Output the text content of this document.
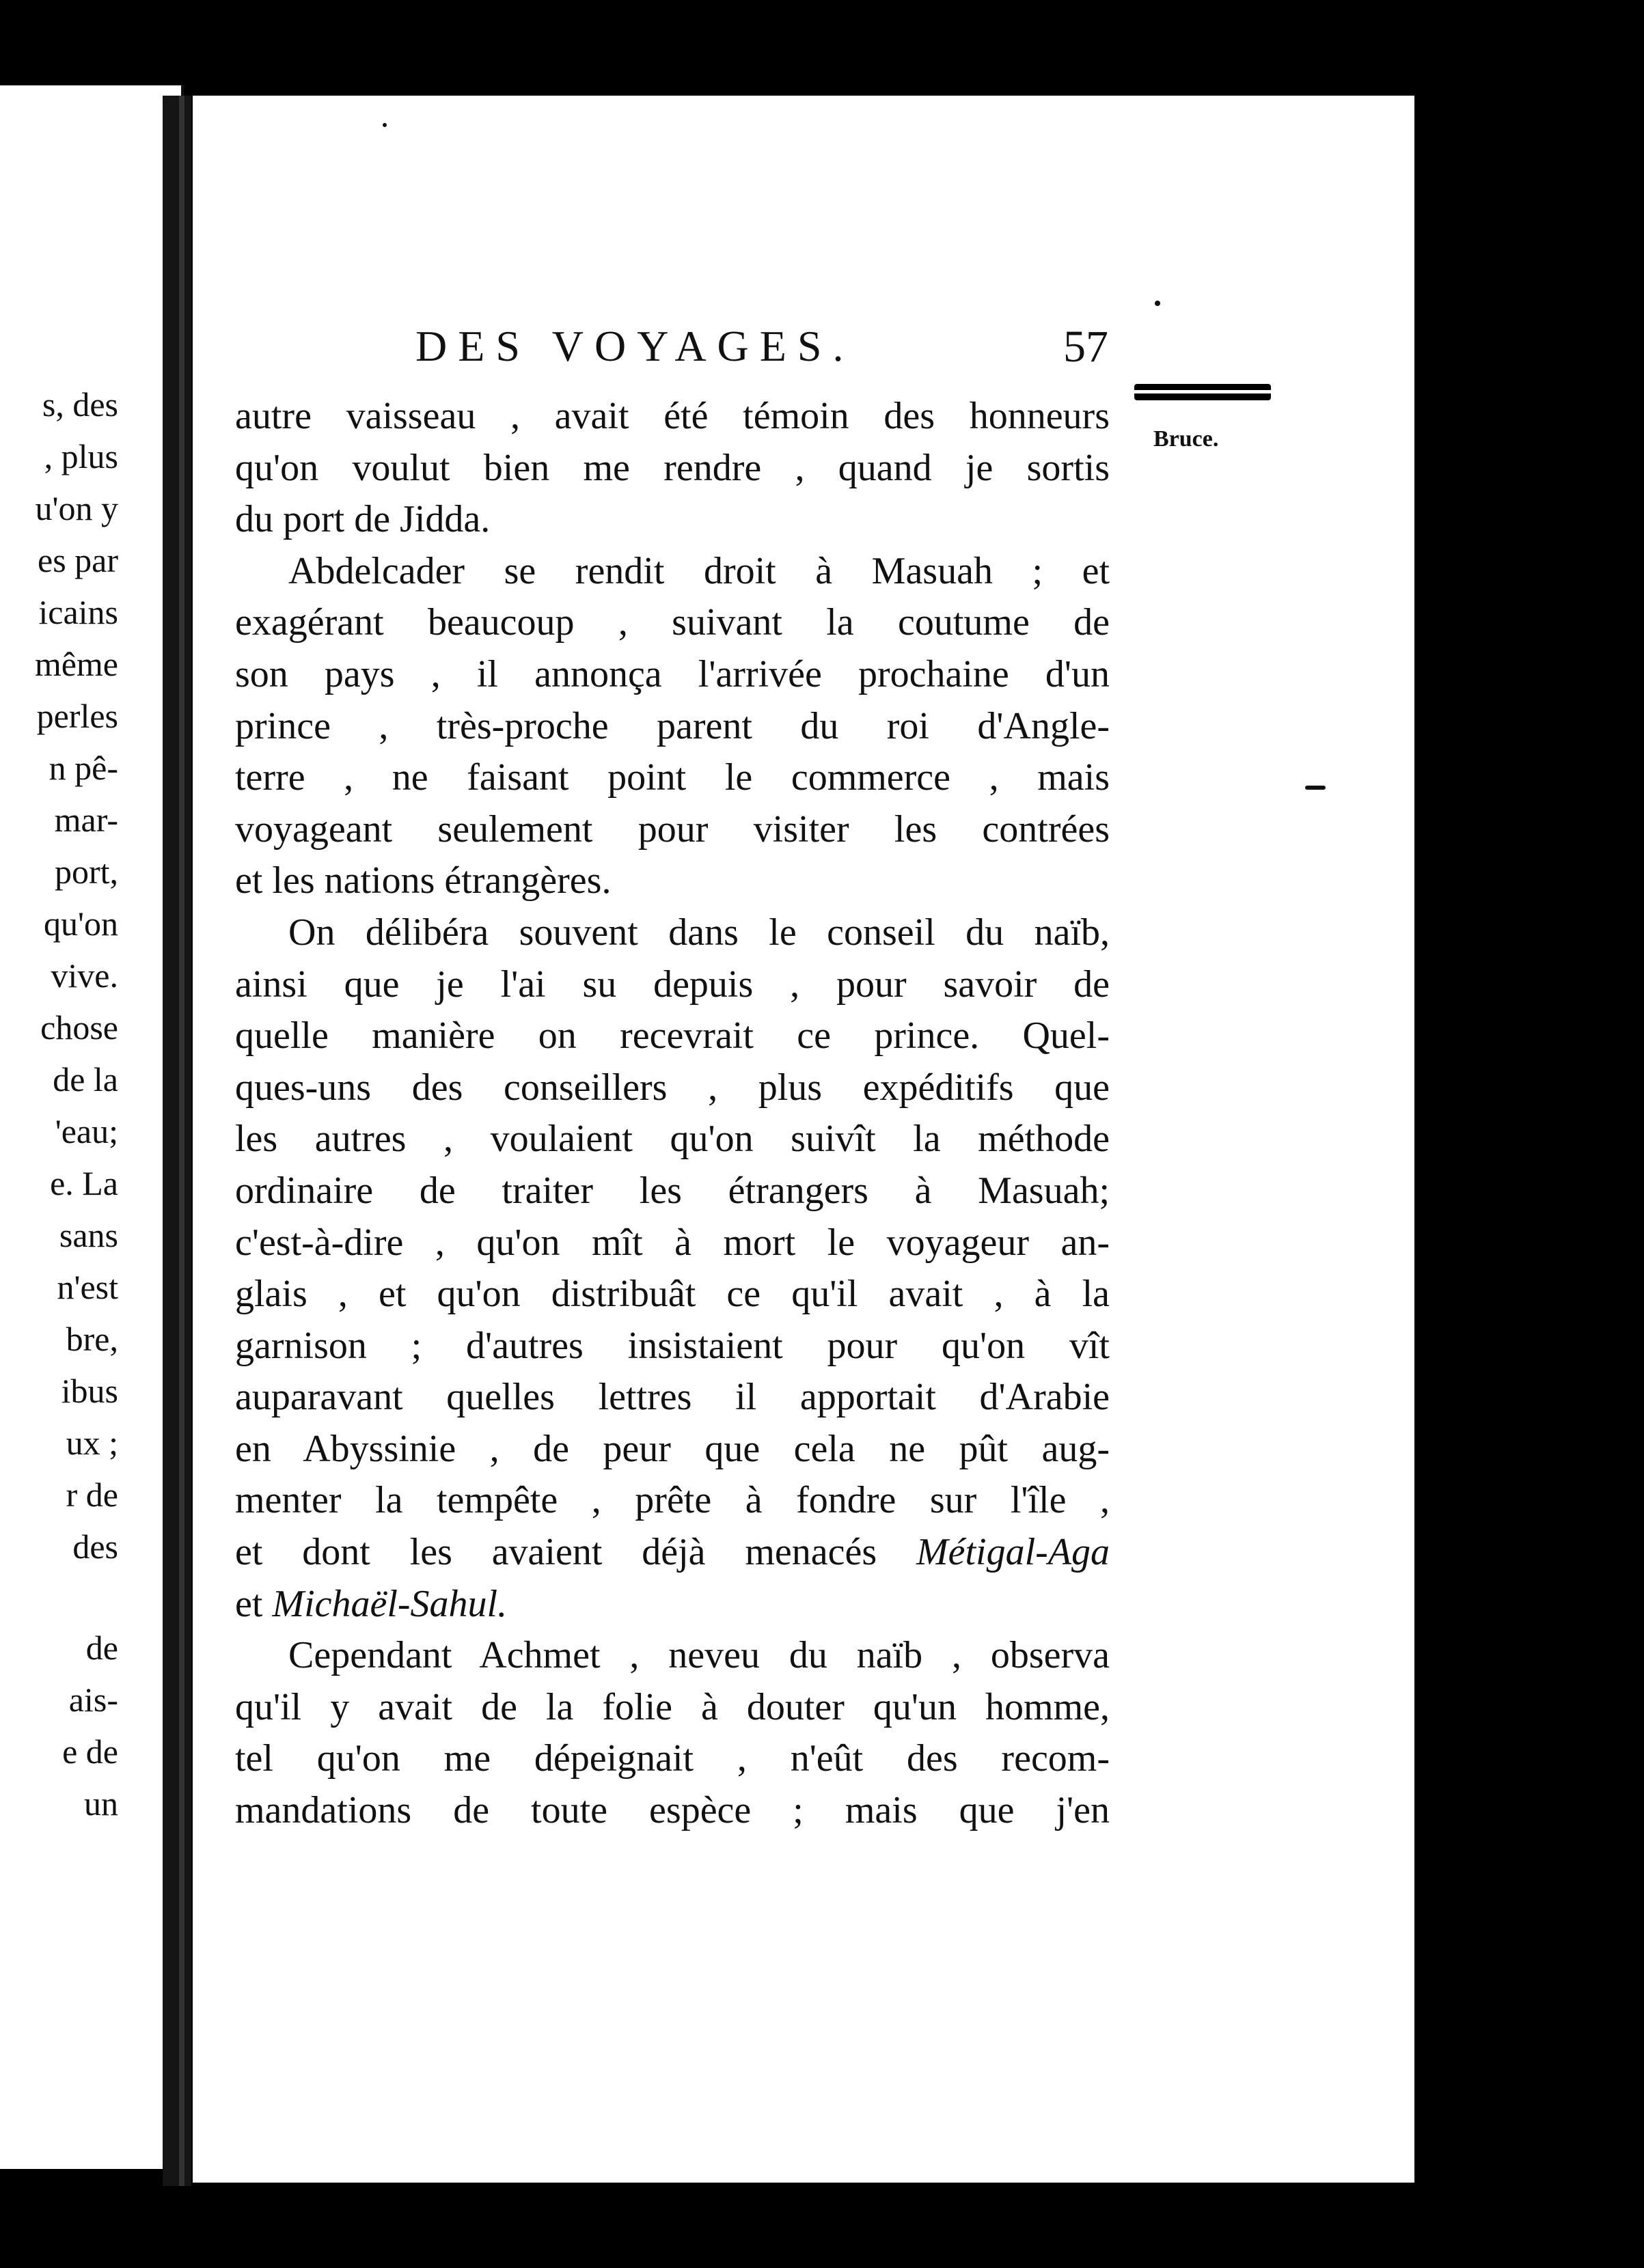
s, des
, plus
u'on y
es par
icains
même
perles
n pê-
mar-
port,
qu'on
vive.
chose
de la
'eau;
e. La
sans
n'est
bre,
ibus
ux ;
r de
des
de
ais-
e de
un
DES VOYAGES.	57
Bruce.
autre vaisseau , avait été témoin des honneurs
qu'on voulut bien me rendre , quand je sortis
du port de Jidda.
Abdelcader se rendit droit à Masuah ; et
exagérant beaucoup , suivant la coutume de
son pays , il annonça l'arrivée prochaine d'un
prince , très-proche parent du roi d'Angle-
terre , ne faisant point le commerce , mais
voyageant seulement pour visiter les contrées
et les nations étrangères.
On délibéra souvent dans le conseil du naïb,
ainsi que je l'ai su depuis , pour savoir de
quelle manière on recevrait ce prince. Quel-
ques-uns des conseillers , plus expéditifs que
les autres , voulaient qu'on suivît la méthode
ordinaire de traiter les étrangers à Masuah;
c'est-à-dire , qu'on mît à mort le voyageur an-
glais , et qu'on distribuât ce qu'il avait , à la
garnison ; d'autres insistaient pour qu'on vît
auparavant quelles lettres il apportait d'Arabie
en Abyssinie , de peur que cela ne pût aug-
menter la tempête , prête à fondre sur l'île ,
et dont les avaient déjà menacés Métigal-Aga
et Michaël-Sahul.
Cependant Achmet , neveu du naïb , observa
qu'il y avait de la folie à douter qu'un homme,
tel qu'on me dépeignait , n'eût des recom-
mandations de toute espèce ; mais que j'en
